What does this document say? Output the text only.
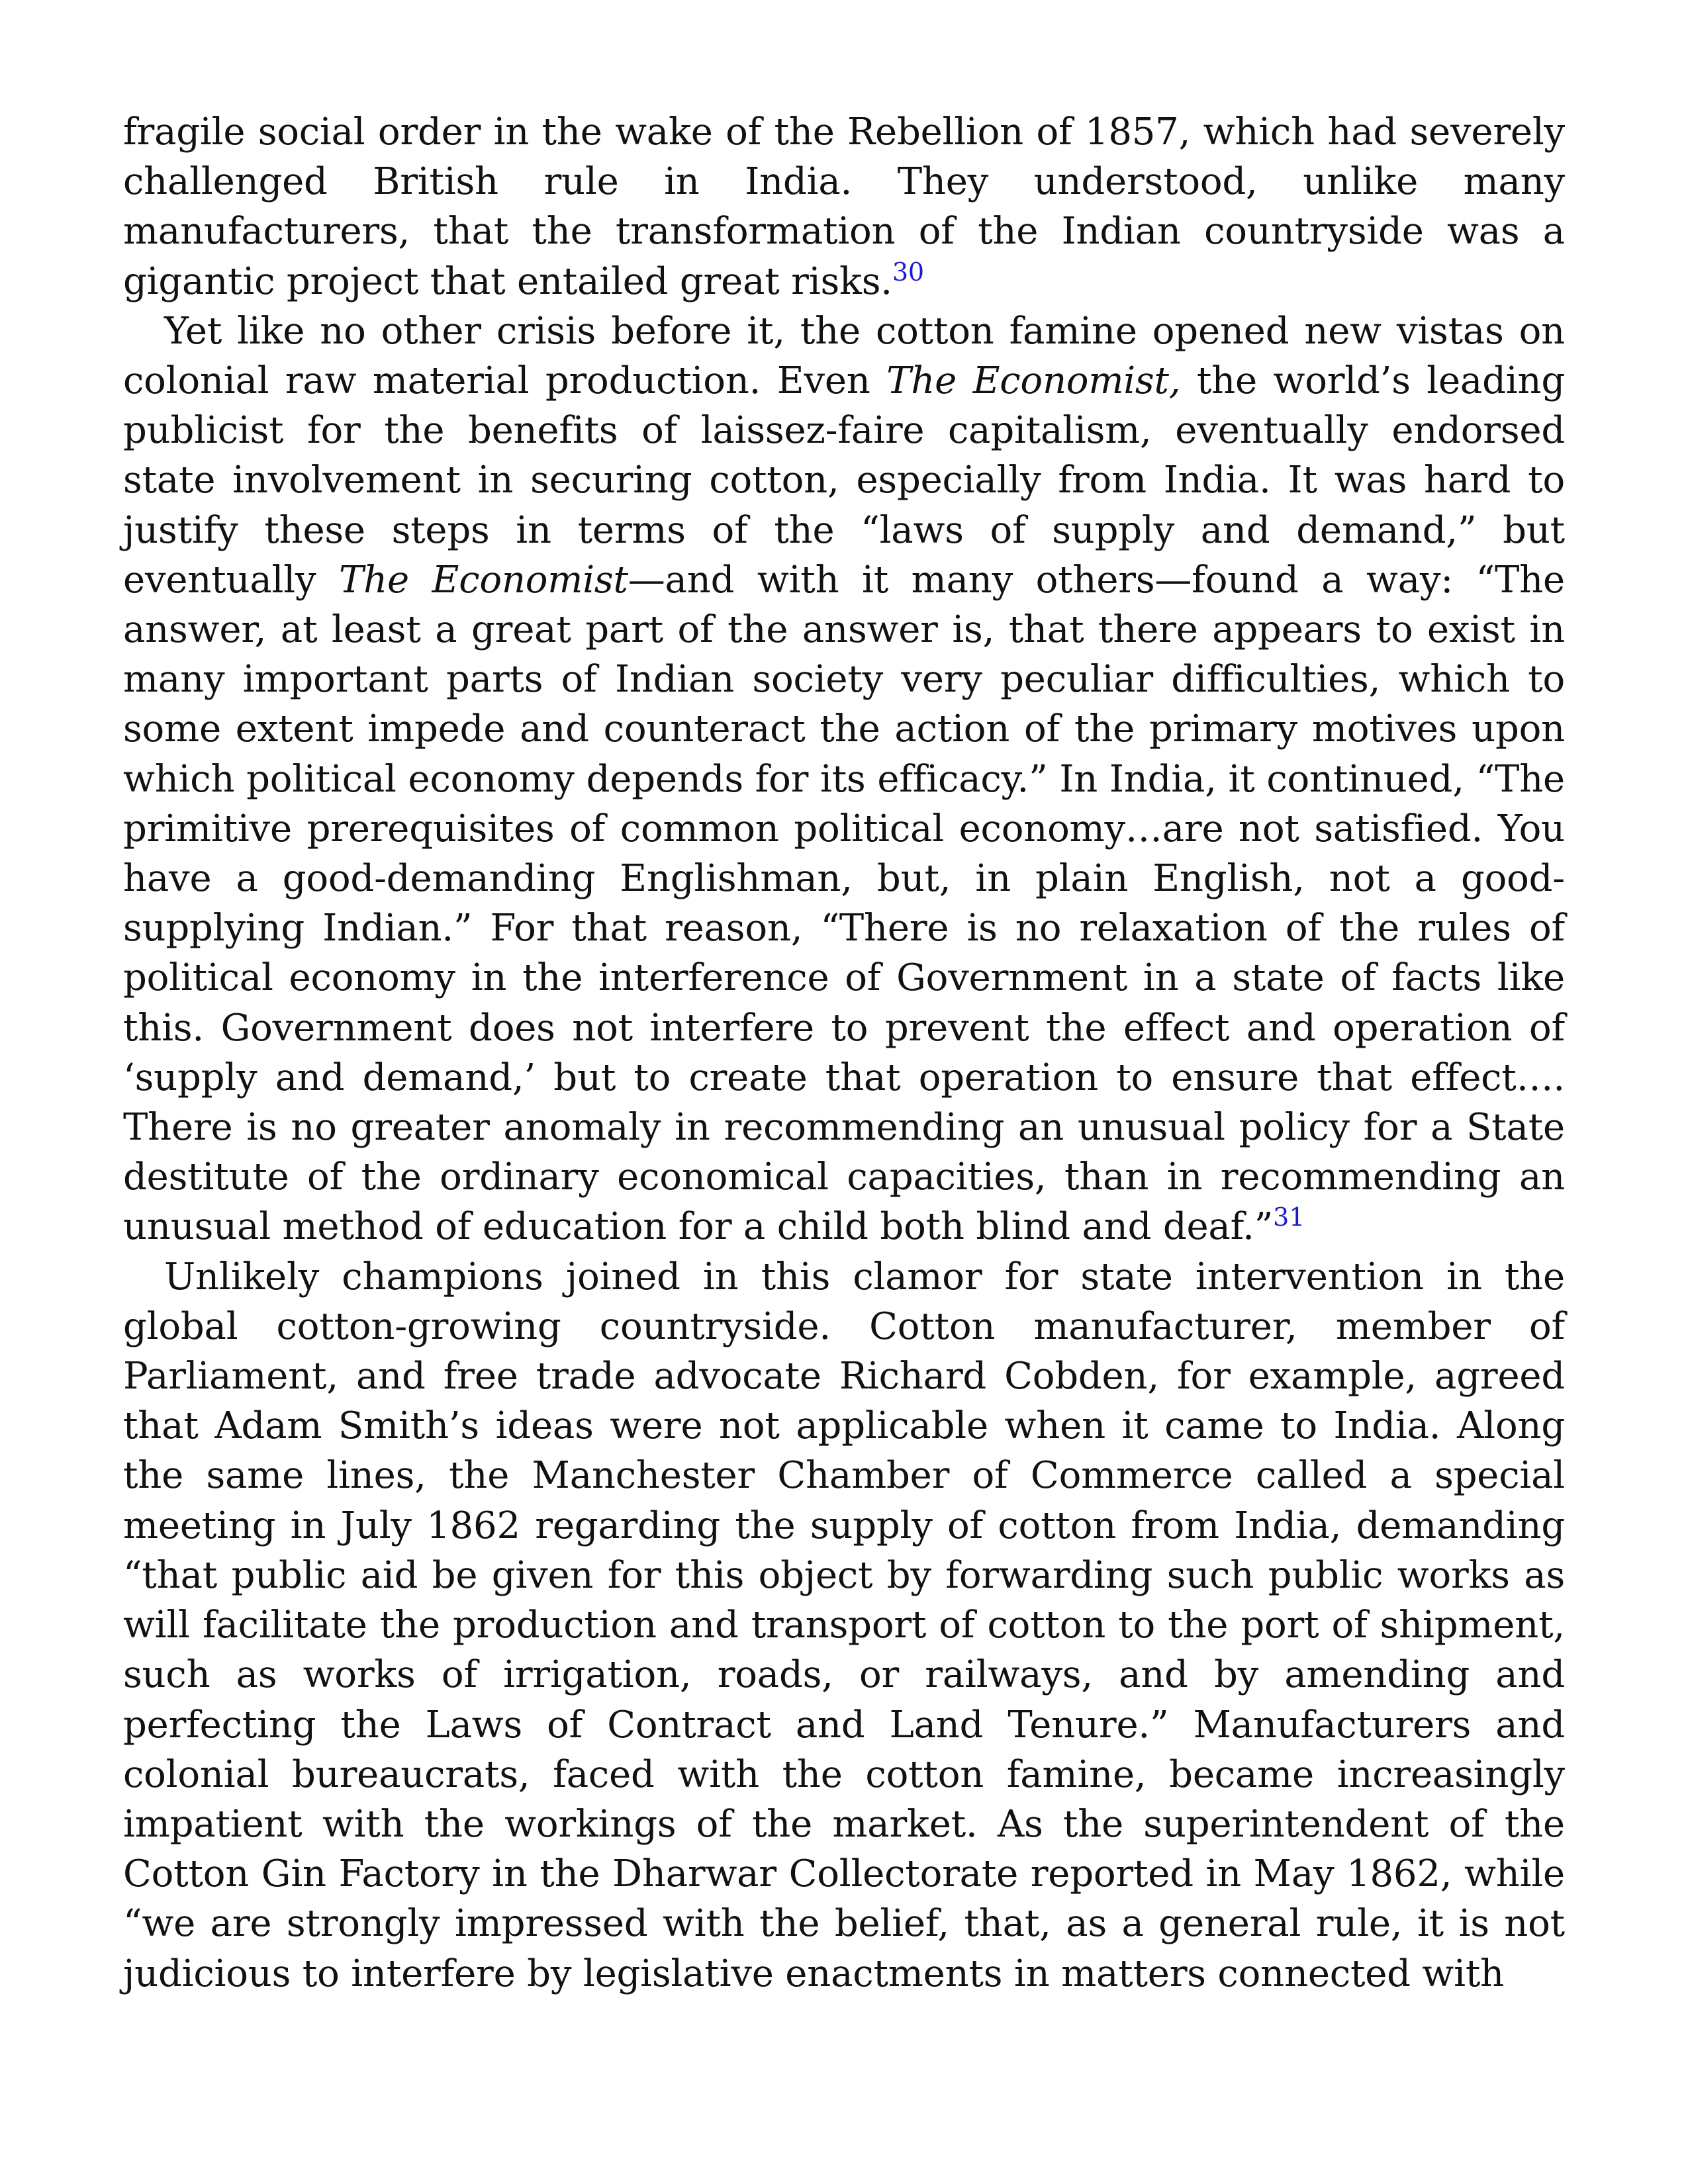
fragile social order in the wake of the Rebellion of 1857, which had severely challenged British rule in India. They understood, unlike many manufacturers, that the transformation of the Indian countryside was a gigantic project that entailed great risks.$^{30}$

Yet like no other crisis before it, the cotton famine opened new vistas on colonial raw material production. Even The Economist, the world’s leading publicist for the benefits of laissez-faire capitalism, eventually endorsed state involvement in securing cotton, especially from India. It was hard to justify these steps in terms of the “laws of supply and demand,” but eventually The Economist—and with it many others—found a way: “The answer, at least a great part of the answer is, that there appears to exist in many important parts of Indian society very peculiar difficulties, which to some extent impede and counteract the action of the primary motives upon which political economy depends for its efficacy.” In India, it continued, “The primitive prerequisites of common political economy…are not satisfied. You have a good-demanding Englishman, but, in plain English, not a good-supplying Indian.” For that reason, “There is no relaxation of the rules of political economy in the interference of Government in a state of facts like this. Government does not interfere to prevent the effect and operation of ‘supply and demand,’ but to create that operation to ensure that effect…. There is no greater anomaly in recommending an unusual policy for a State destitute of the ordinary economical capacities, than in recommending an unusual method of education for a child both blind and deaf.”$^{31}$

Unlikely champions joined in this clamor for state intervention in the global cotton-growing countryside. Cotton manufacturer, member of Parliament, and free trade advocate Richard Cobden, for example, agreed that Adam Smith’s ideas were not applicable when it came to India. Along the same lines, the Manchester Chamber of Commerce called a special meeting in July 1862 regarding the supply of cotton from India, demanding “that public aid be given for this object by forwarding such public works as will facilitate the production and transport of cotton to the port of shipment, such as works of irrigation, roads, or railways, and by amending and perfecting the Laws of Contract and Land Tenure.” Manufacturers and colonial bureaucrats, faced with the cotton famine, became increasingly impatient with the workings of the market. As the superintendent of the Cotton Gin Factory in the Dharwar Collectorate reported in May 1862, while “we are strongly impressed with the belief, that, as a general rule, it is not judicious to interfere by legislative enactments in matters connected with
